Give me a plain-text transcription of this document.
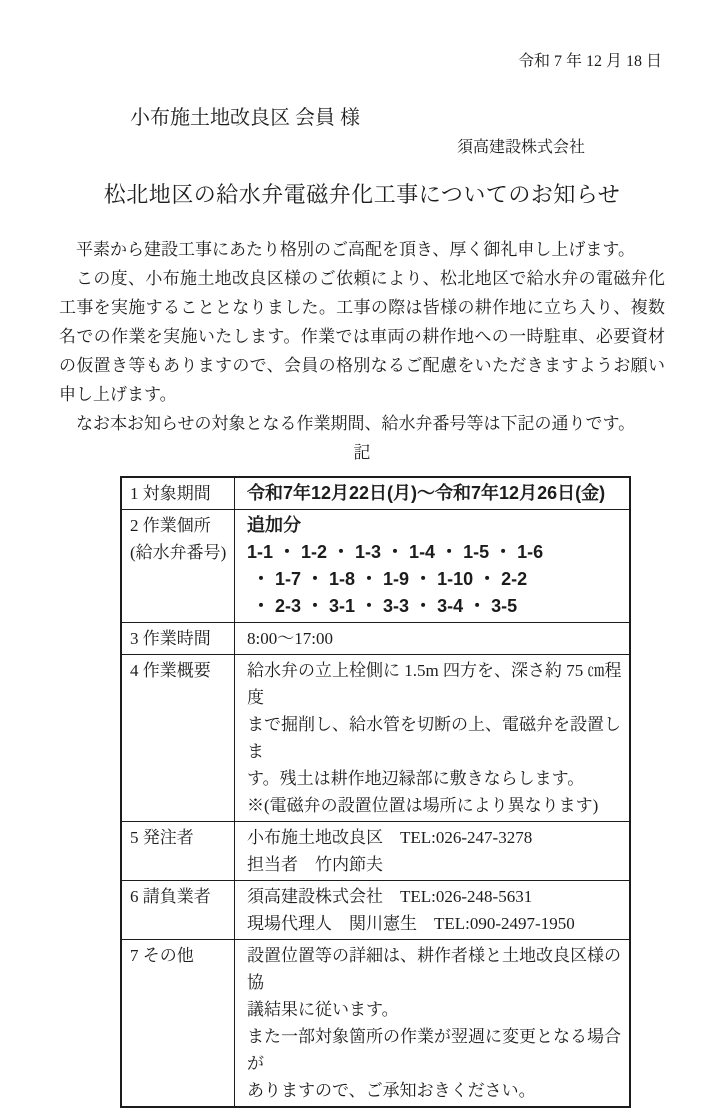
令和 7 年 12 月 18 日
小布施土地改良区 会員 様
須高建設株式会社
松北地区の給水弁電磁弁化工事についてのお知らせ

平素から建設工事にあたり格別のご高配を頂き、厚く御礼申し上げます。

この度、小布施土地改良区様のご依頼により、松北地区で給水弁の電磁弁化工事を実施することとなりました。工事の際は皆様の耕作地に立ち入り、複数名での作業を実施いたします。作業では車両の耕作地への一時駐車、必要資材の仮置き等もありますので、会員の格別なるご配慮をいただきますようお願い申し上げます。

なお本お知らせの対象となる作業期間、給水弁番号等は下記の通りです。

記
1 対象期間	令和7年12月22日(月)～令和7年12月26日(金)

2 作業個所
(給水弁番号)

追加分
1-1 ・ 1-2 ・ 1-3 ・ 1-4 ・ 1-5 ・ 1-6
・ 1-7 ・ 1-8 ・ 1-9 ・ 1-10 ・ 2-2
・ 2-3 ・ 3-1 ・ 3-3 ・ 3-4 ・ 3-5

3 作業時間	8:00～17:00

4 作業概要	給水弁の立上栓側に 1.5m 四方を、深さ約 75 ㎝程度
まで掘削し、給水管を切断の上、電磁弁を設置しま
す。残土は耕作地辺縁部に敷きならします。
※(電磁弁の設置位置は場所により異なります)

5 発注者	小布施土地改良区　TEL:026-247-3278
担当者　竹内節夫

6 請負業者	須高建設株式会社　TEL:026-248-5631
現場代理人　関川憲生　TEL:090-2497-1950

7 その他	設置位置等の詳細は、耕作者様と土地改良区様の協
議結果に従います。
また一部対象箇所の作業が翌週に変更となる場合が
ありますので、ご承知おきください。
